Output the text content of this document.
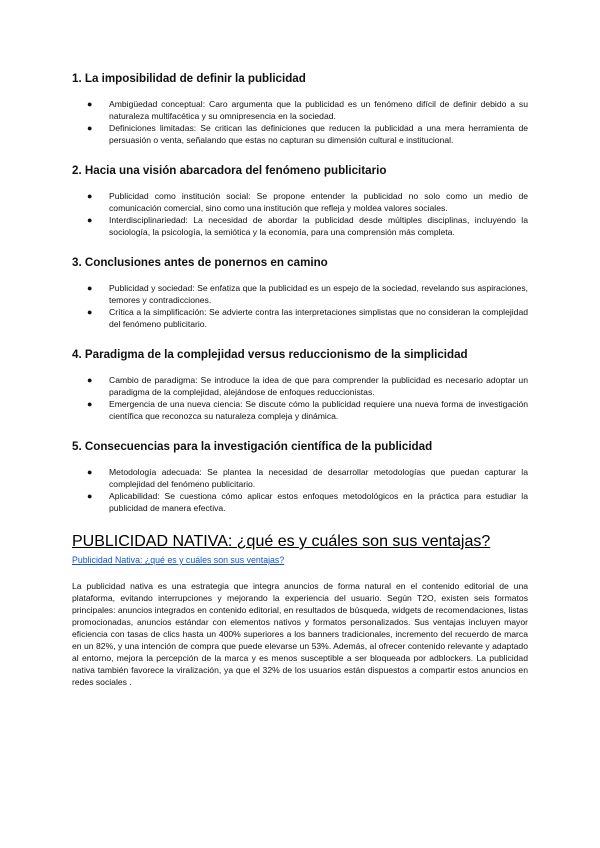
1. La imposibilidad de definir la publicidad
● Ambigüedad conceptual: Caro argumenta que la publicidad es un fenómeno difícil de definir debido a su naturaleza multifacética y su omnipresencia en la sociedad.
● Definiciones limitadas: Se critican las definiciones que reducen la publicidad a una mera herramienta de persuasión o venta, señalando que estas no capturan su dimensión cultural e institucional.
2. Hacia una visión abarcadora del fenómeno publicitario
● Publicidad como institución social: Se propone entender la publicidad no solo como un medio de comunicación comercial, sino como una institución que refleja y moldea valores sociales.
● Interdisciplinariedad: La necesidad de abordar la publicidad desde múltiples disciplinas, incluyendo la sociología, la psicología, la semiótica y la economía, para una comprensión más completa.
3. Conclusiones antes de ponernos en camino
● Publicidad y sociedad: Se enfatiza que la publicidad es un espejo de la sociedad, revelando sus aspiraciones, temores y contradicciones.
● Crítica a la simplificación: Se advierte contra las interpretaciones simplistas que no consideran la complejidad del fenómeno publicitario.
4. Paradigma de la complejidad versus reduccionismo de la simplicidad
● Cambio de paradigma: Se introduce la idea de que para comprender la publicidad es necesario adoptar un paradigma de la complejidad, alejándose de enfoques reduccionistas.
● Emergencia de una nueva ciencia: Se discute cómo la publicidad requiere una nueva forma de investigación científica que reconozca su naturaleza compleja y dinámica.
5. Consecuencias para la investigación científica de la publicidad
● Metodología adecuada: Se plantea la necesidad de desarrollar metodologías que puedan capturar la complejidad del fenómeno publicitario.
● Aplicabilidad: Se cuestiona cómo aplicar estos enfoques metodológicos en la práctica para estudiar la publicidad de manera efectiva.
PUBLICIDAD NATIVA: ¿qué es y cuáles son sus ventajas?
Publicidad Nativa: ¿qué es y cuáles son sus ventajas?

La publicidad nativa es una estrategia que integra anuncios de forma natural en el contenido editorial de una plataforma, evitando interrupciones y mejorando la experiencia del usuario. Según T2O, existen seis formatos principales: anuncios integrados en contenido editorial, en resultados de búsqueda, widgets de recomendaciones, listas promocionadas, anuncios estándar con elementos nativos y formatos personalizados. Sus ventajas incluyen mayor eficiencia con tasas de clics hasta un 400% superiores a los banners tradicionales, incremento del recuerdo de marca en un 82%, y una intención de compra que puede elevarse un 53%. Además, al ofrecer contenido relevante y adaptado al entorno, mejora la percepción de la marca y es menos susceptible a ser bloqueada por adblockers. La publicidad nativa también favorece la viralización, ya que el 32% de los usuarios están dispuestos a compartir estos anuncios en redes sociales .
